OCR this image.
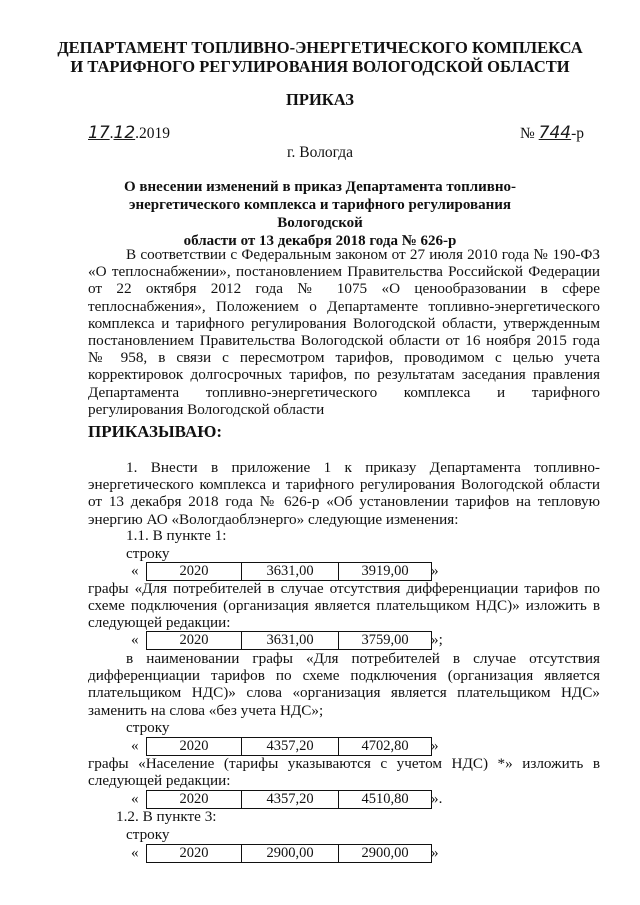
ДЕПАРТАМЕНТ ТОПЛИВНО-ЭНЕРГЕТИЧЕСКОГО КОМПЛЕКСА
И ТАРИФНОГО РЕГУЛИРОВАНИЯ ВОЛОГОДСКОЙ ОБЛАСТИ
ПРИКАЗ
17.12.2019	№ 744-р
г. Вологда
О внесении изменений в приказ Департамента топливно-
энергетического комплекса и тарифного регулирования Вологодской
области от 13 декабря 2018 года № 626-р
В соответствии с Федеральным законом от 27 июля 2010 года № 190-ФЗ «О теплоснабжении», постановлением Правительства Российской Федерации от 22 октября 2012 года № 1075 «О ценообразовании в сфере теплоснабжения», Положением о Департаменте топливно-энергетического комплекса и тарифного регулирования Вологодской области, утвержденным постановлением Правительства Вологодской области от 16 ноября 2015 года № 958, в связи с пересмотром тарифов, проводимом с целью учета корректировок долгосрочных тарифов, по результатам заседания правления Департамента топливно-энергетического комплекса и тарифного регулирования Вологодской области
ПРИКАЗЫВАЮ:
1. Внести в приложение 1 к приказу Департамента топливно-энергетического комплекса и тарифного регулирования Вологодской области от 13 декабря 2018 года № 626-р «Об установлении тарифов на тепловую энергию АО «Вологдаоблэнерго» следующие изменения:
1.1. В пункте 1:
строку
«	2020	3631,00	3919,00 »
графы «Для потребителей в случае отсутствия дифференциации тарифов по схеме подключения (организация является плательщиком НДС)» изложить в следующей редакции:
«	2020	3631,00	3759,00 »;
в наименовании графы «Для потребителей в случае отсутствия дифференциации тарифов по схеме подключения (организация является плательщиком НДС)» слова «организация является плательщиком НДС» заменить на слова «без учета НДС»;
строку
«	2020	4357,20	4702,80 »
графы «Население (тарифы указываются с учетом НДС) *» изложить в следующей редакции:
«	2020	4357,20	4510,80 ».
1.2. В пункте 3:
строку
«	2020	2900,00	2900,00 »
